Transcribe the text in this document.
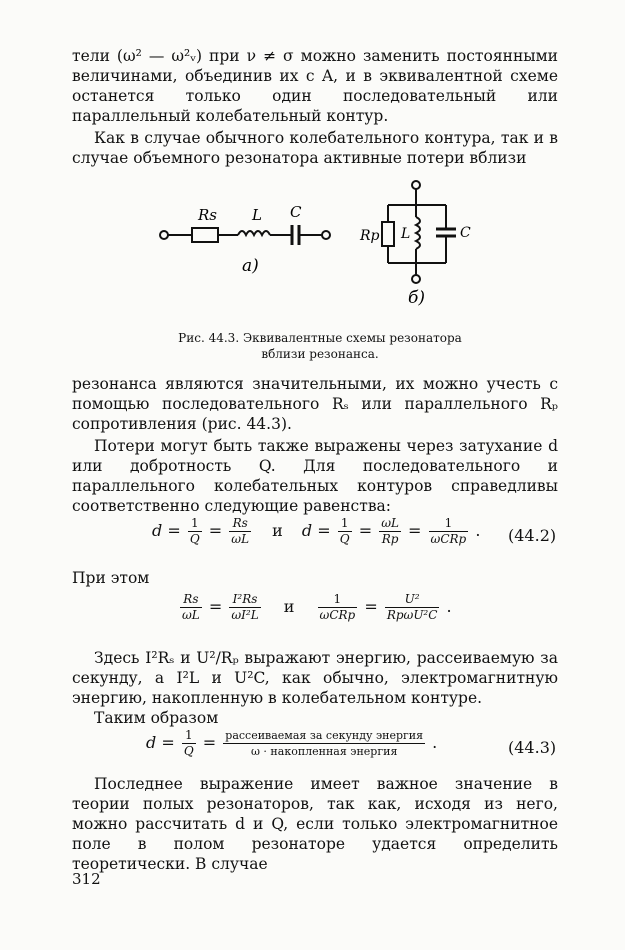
тели (ω² — ω²ᵥ) при ν ≠ σ можно заменить постоянными величинами, объединив их с A, и в эквивалентной схеме останется только один последовательный или параллельный колебательный контур.

Как в случае обычного колебательного контура, так и в случае объемного резонатора активные потери вблизи

Rs L C
а)
Rp L	C
б)

Рис. 44.3. Эквивалентные схемы резонатора
вблизи резонанса.

резонанса являются значительными, их можно учесть с помощью последовательного Rₛ или параллельного Rₚ сопротивления (рис. 44.3).

Потери могут быть также выражены через затухание d или добротность Q. Для последовательного и параллельного колебательных контуров справедливы соответственно следующие равенства:

$d = \frac{1}{Q} = \frac{Rs}{\omega L}$ и $d = \frac{1}{Q} = \frac{\omega L}{Rp} = \frac{1}{\text{ωCRp}}$ . (44.2)

При этом

$\frac{Rs}{\omega L} = \frac{\text{I²Rs}}{\text{ωI²L}}$ и $\frac{1}{\text{ωCRp}} = \frac{\text{U²}}{\text{RpωU²C}}$ .

Здесь I²Rₛ и U²/Rₚ выражают энергию, рассеиваемую за секунду, а I²L и U²C, как обычно, электромагнитную энергию, накопленную в колебательном контуре.

Таким образом

$d = \frac{1}{Q} = \frac{\text{рассеиваемая за секунду энергия}}{\text{ω · накопленная энергия}}$ .	(44.3)

Последнее выражение имеет важное значение в теории полых резонаторов, так как, исходя из него, можно рассчитать d и Q, если только электромагнитное поле в полом резонаторе удается определить теоретически. В случае

312
